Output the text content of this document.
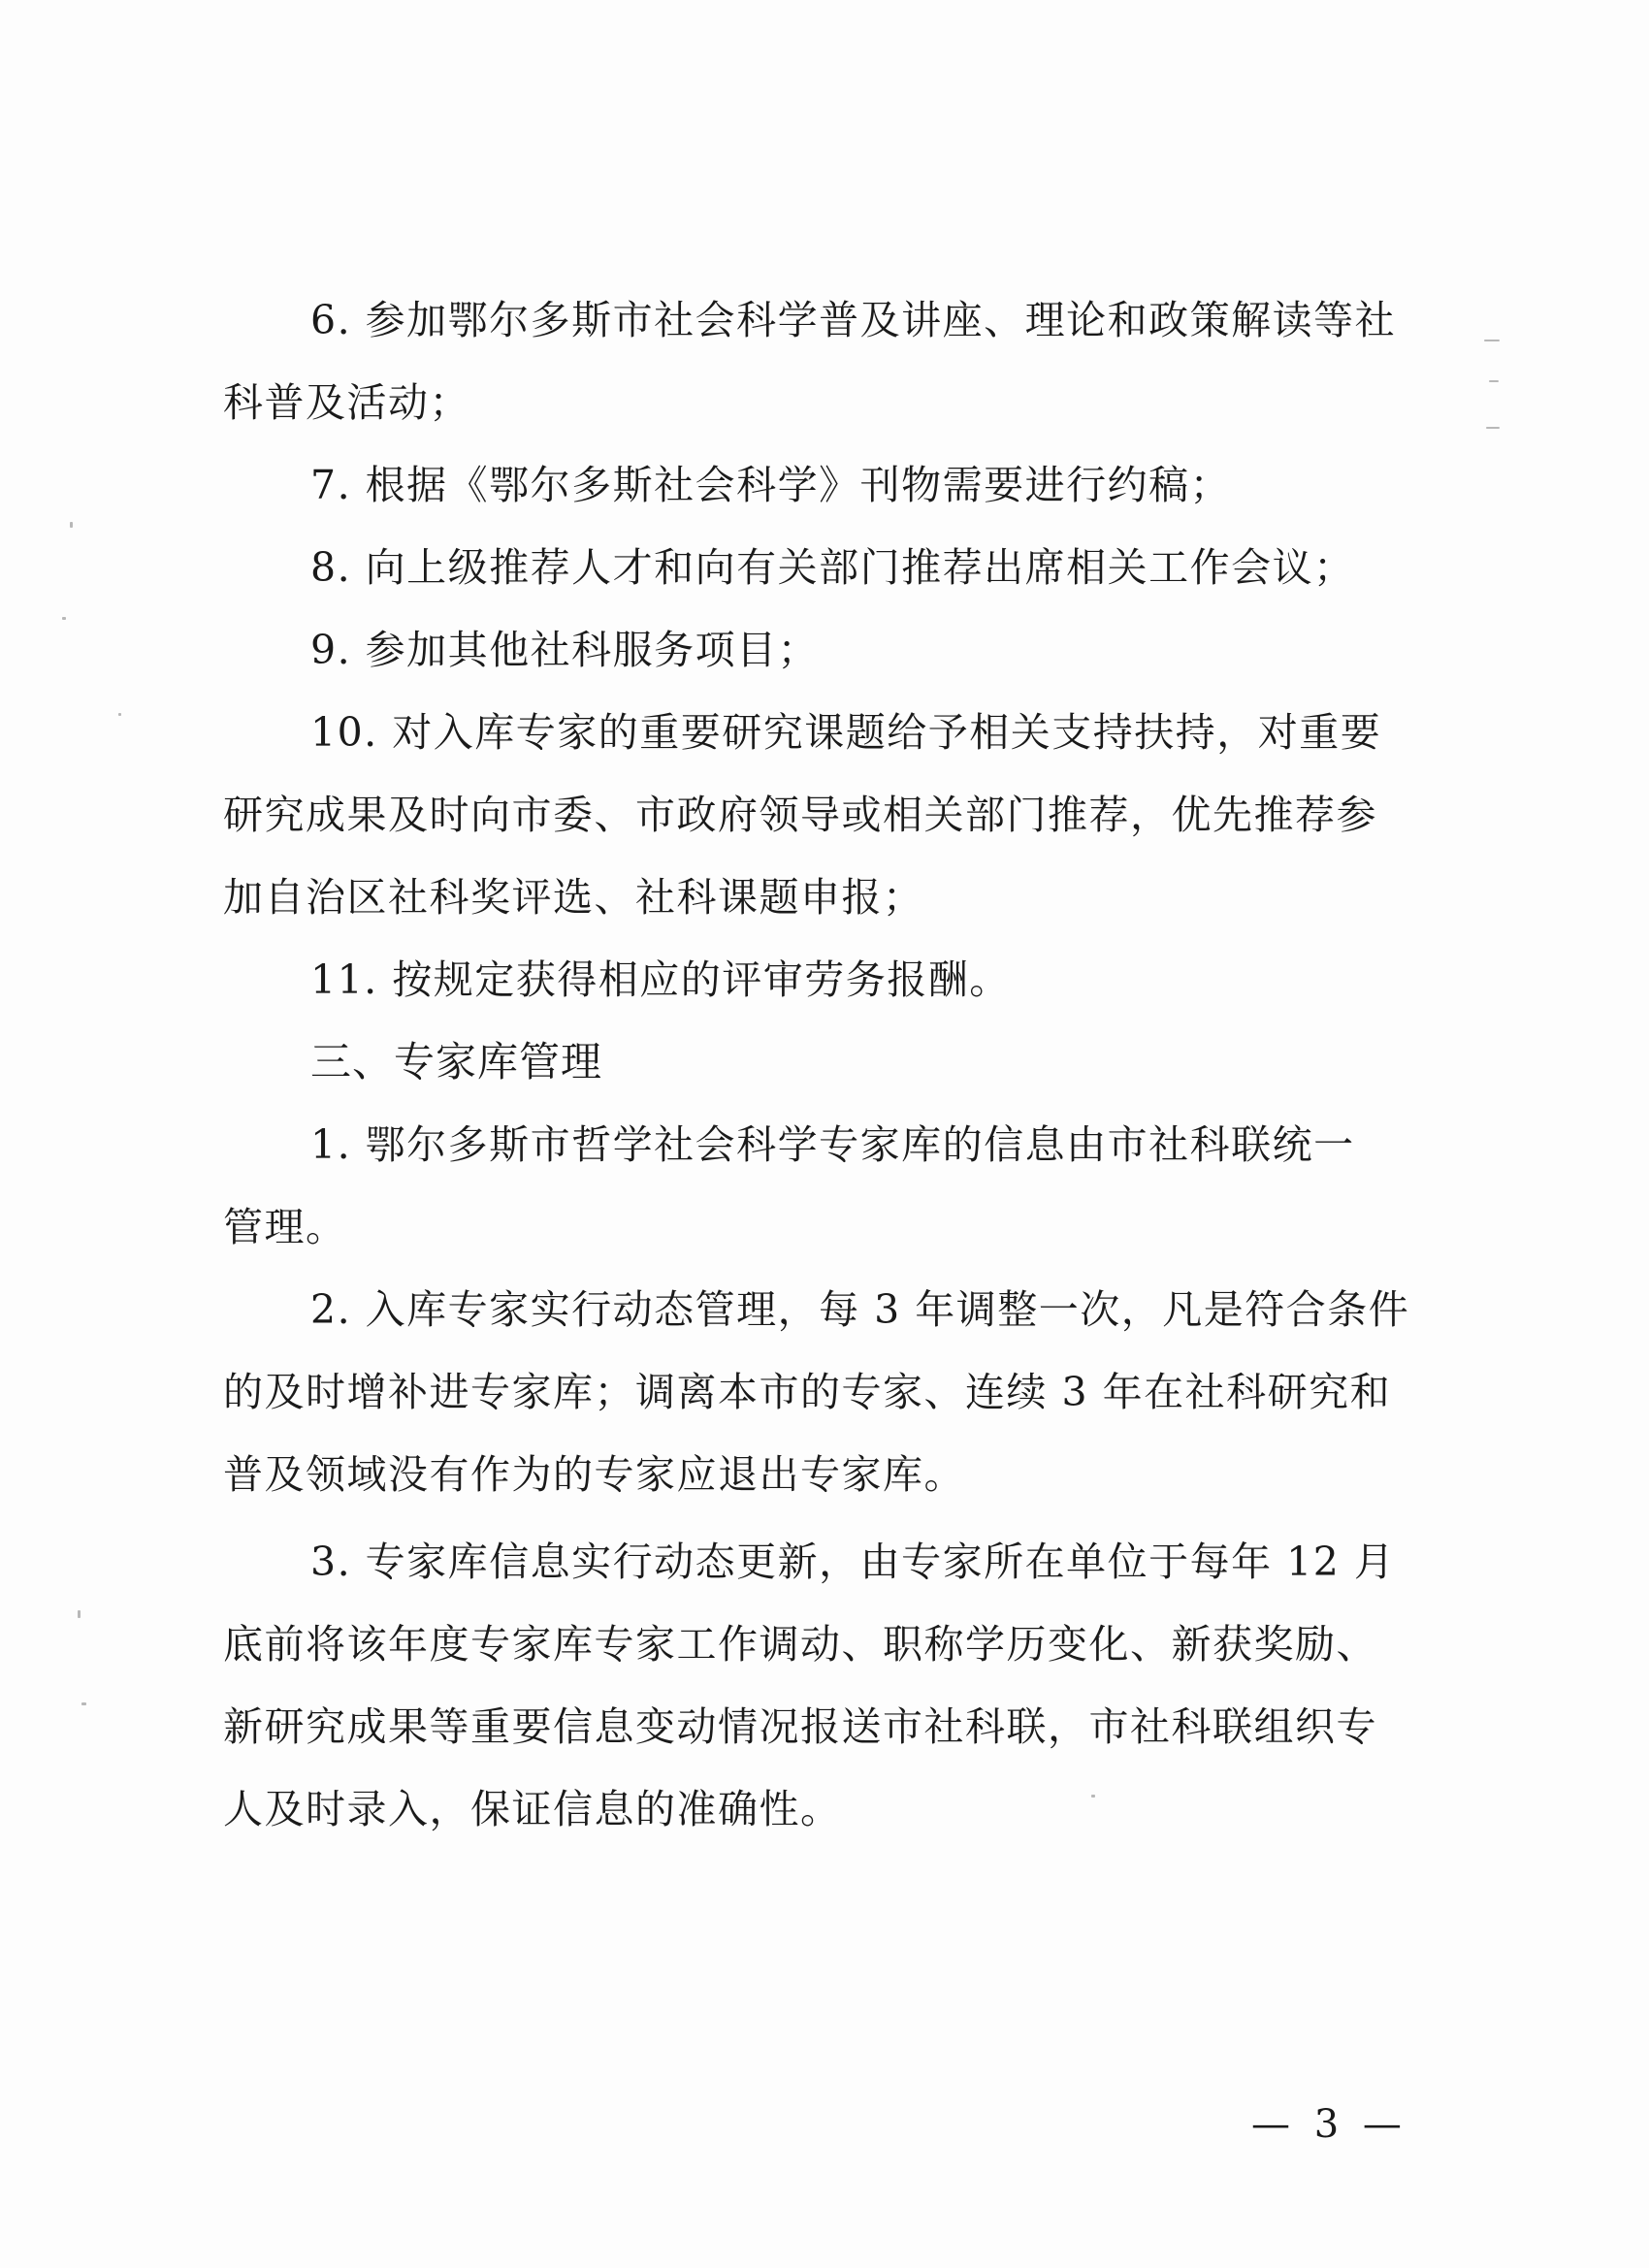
6. 参加鄂尔多斯市社会科学普及讲座、理论和政策解读等社
科普及活动；
7. 根据《鄂尔多斯社会科学》刊物需要进行约稿；
8. 向上级推荐人才和向有关部门推荐出席相关工作会议；
9. 参加其他社科服务项目；
10. 对入库专家的重要研究课题给予相关支持扶持，对重要
研究成果及时向市委、市政府领导或相关部门推荐，优先推荐参
加自治区社科奖评选、社科课题申报；
11. 按规定获得相应的评审劳务报酬。
三、专家库管理
1. 鄂尔多斯市哲学社会科学专家库的信息由市社科联统一
管理。
2. 入库专家实行动态管理，每 3 年调整一次，凡是符合条件
的及时增补进专家库；调离本市的专家、连续 3 年在社科研究和
普及领域没有作为的专家应退出专家库。
3. 专家库信息实行动态更新，由专家所在单位于每年 12 月
底前将该年度专家库专家工作调动、职称学历变化、新获奖励、
新研究成果等重要信息变动情况报送市社科联，市社科联组织专
人及时录入，保证信息的准确性。
— 3 —
